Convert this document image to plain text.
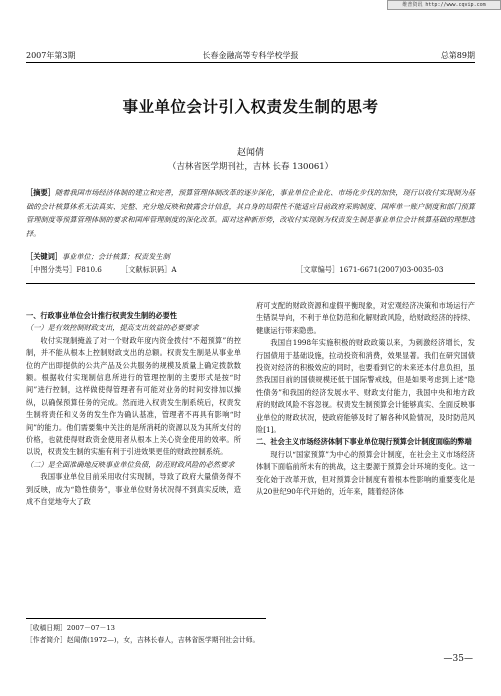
维普资讯 http://www.cqvip.com
2007年第3期	长春金融高等专科学校学报	总第89期
事业单位会计引入权责发生制的思考
赵闻倩
（吉林省医学期刊社，吉林 长春 130061）
［摘要］随着我国市场经济体制的建立和完善，预算管理体制改革的逐步深化，事业单位企业化、市场化步伐的加快，现行以收付实现制为基础的会计核算体系无法真实、完整、充分地反映和披露会计信息，其自身的局限性不能适应目前政府采购制度、国库单一账户制度和部门预算管理制度等预算管理体制的要求和国库管理制度的深化改革。面对这种新形势，改收付实现制为权责发生制是事业单位会计核算基础的理想选择。
［关键词］事业单位；会计核算；权责发生制
［中图分类号］F810.6	［文献标识码］A	［文章编号］1671-6671(2007)03-0035-03

一、行政事业单位会计推行权责发生制的必要性

（一）是有效控制财政支出，提高支出效益的必要要求

收付实现制掩盖了对一个财政年度内资金拨付“不超预算”的控制，并不能从根本上控制财政支出的总额。权责发生制是从事业单位的产出即提供的公共产品及公共服务的规模及质量上确定拨款数额。根据收付实现制信息所进行的管理控制的主要形式是按“时间”进行控制，这样做使得管理者有可能对业务的时间安排加以操纵，以确保预算任务的完成。然而进入权责发生制系统后，权责发生制将责任和义务的发生作为确认基准，管理者不再具有影响“时间”的能力。他们需要集中关注的是所消耗的资源以及为其所支付的价格，也就使得财政资金使用者从根本上关心资金使用的效率。所以说，权责发生制的实施有利于引进效果更佳的财政控制系统。

（二）是全面准确地反映事业单位负债，防范财政风险的必然要求

我国事业单位目前采用收付实现制，导致了政府大量债务得不到反映，成为“隐性债务”，事业单位财务状况得不到真实反映，造成不自觉地夸大了政

府可支配的财政资源和虚假平衡现象，对宏观经济决策和市场运行产生错误导向，不利于单位防范和化解财政风险，给财政经济的持续、健康运行带来隐患。

我国自1998年实施积极的财政政策以来，为刺激经济增长，发行国债用于基础设施，拉动投资和消费，效果显著。我们在研究国债投资对经济的积极效应的同时，也要看到它的未来还本付息负担，虽然我国目前的国债规模还低于国际警戒线，但是如果考虑到上述“隐性债务”和我国的经济发展水平、财政支付能力，我国中央和地方政府的财政风险不容忽视。权责发生制预算会计能够真实、全面反映事业单位的财政状况，使政府能够及时了解各种风险情况，及时防范风险[1]。

二、社会主义市场经济体制下事业单位现行预算会计制度面临的弊端

现行以“国家预算”为中心的预算会计制度，在社会主义市场经济体制下面临前所未有的挑战，这主要源于预算会计环境的变化。这一变化始于改革开放，但对预算会计制度有着根本性影响的重要变化是从20世纪90年代开始的，近年来，随着经济体

［收稿日期］2007－07－13
［作者简介］赵闻倩(1972—)，女，吉林长春人，吉林省医学期刊社会计师。
—35—
